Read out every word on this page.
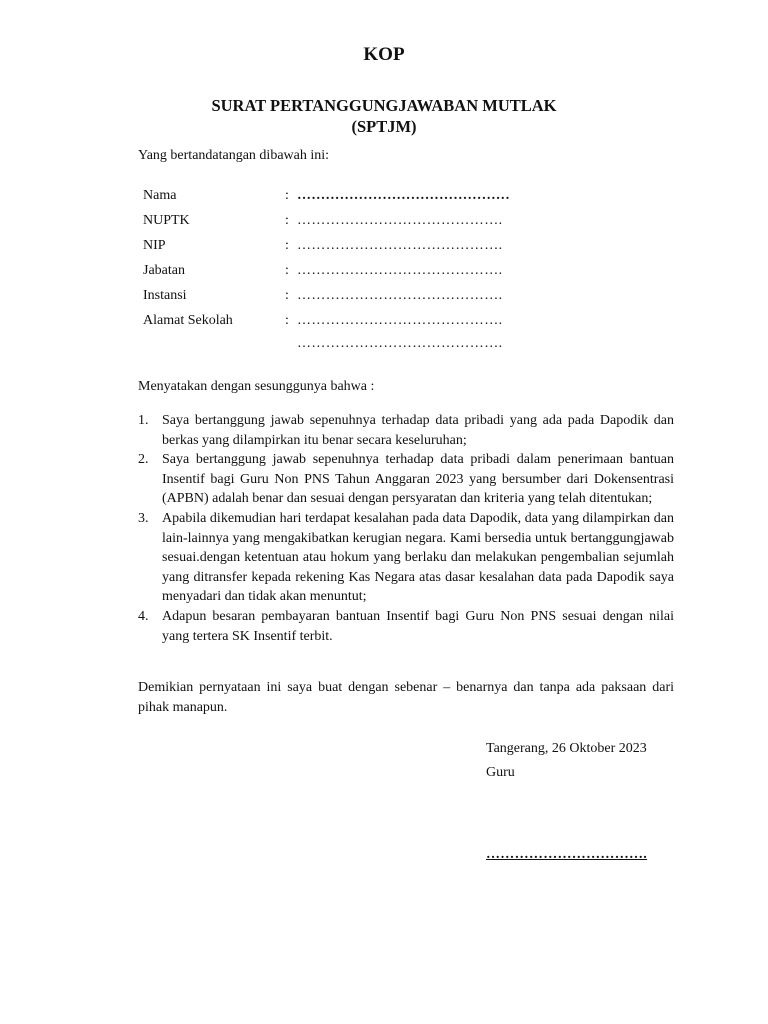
KOP
SURAT PERTANGGUNGJAWABAN MUTLAK
(SPTJM)

Yang bertandatangan dibawah ini:

Nama	: ………………………………………
NUPTK	: …………………………………….
NIP	: …………………………………….
Jabatan	: …………………………………….
Instansi	: …………………………………….
Alamat Sekolah	: …………………………………….
…………………………………….

Menyatakan dengan sesunggunya bahwa :

1. Saya bertanggung jawab sepenuhnya terhadap data pribadi yang ada pada Dapodik dan berkas yang dilampirkan itu benar secara keseluruhan;
2. Saya bertanggung jawab sepenuhnya terhadap data pribadi dalam penerimaan bantuan Insentif bagi Guru Non PNS Tahun Anggaran 2023 yang bersumber dari Dokensentrasi (APBN) adalah benar dan sesuai dengan persyaratan dan kriteria yang telah ditentukan;
3. Apabila dikemudian hari terdapat kesalahan pada data Dapodik, data yang dilampirkan dan lain-lainnya yang mengakibatkan kerugian negara. Kami bersedia untuk bertanggungjawab sesuai.dengan ketentuan atau hokum yang berlaku dan melakukan pengembalian sejumlah yang ditransfer kepada rekening Kas Negara atas dasar kesalahan data pada Dapodik saya menyadari dan tidak akan menuntut;
4. Adapun besaran pembayaran bantuan Insentif bagi Guru Non PNS sesuai dengan nilai yang tertera SK Insentif terbit.

Demikian pernyataan ini saya buat dengan sebenar – benarnya dan tanpa ada paksaan dari pihak manapun.

Tangerang, 26 Oktober 2023

Guru

…………………………….
